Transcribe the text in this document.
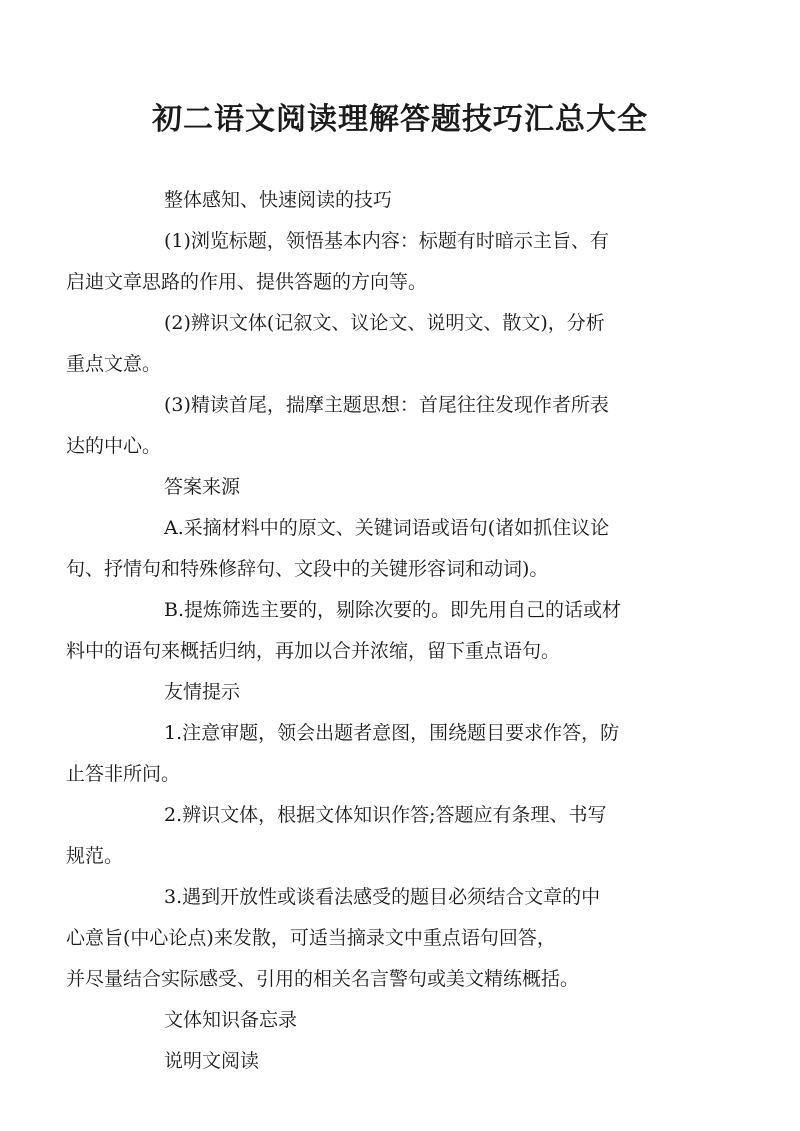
初二语文阅读理解答题技巧汇总大全

整体感知、快速阅读的技巧

(1)浏览标题，领悟基本内容：标题有时暗示主旨、有
启迪文章思路的作用、提供答题的方向等。

(2)辨识文体(记叙文、议论文、说明文、散文)，分析
重点文意。

(3)精读首尾，揣摩主题思想：首尾往往发现作者所表
达的中心。

答案来源

A.采摘材料中的原文、关键词语或语句(诸如抓住议论
句、抒情句和特殊修辞句、文段中的关键形容词和动词)。

B.提炼筛选主要的，剔除次要的。即先用自己的话或材
料中的语句来概括归纳，再加以合并浓缩，留下重点语句。

友情提示

1.注意审题，领会出题者意图，围绕题目要求作答，防
止答非所问。

2.辨识文体，根据文体知识作答;答题应有条理、书写
规范。

3.遇到开放性或谈看法感受的题目必须结合文章的中
心意旨(中心论点)来发散，可适当摘录文中重点语句回答，
并尽量结合实际感受、引用的相关名言警句或美文精练概括。

文体知识备忘录

说明文阅读
